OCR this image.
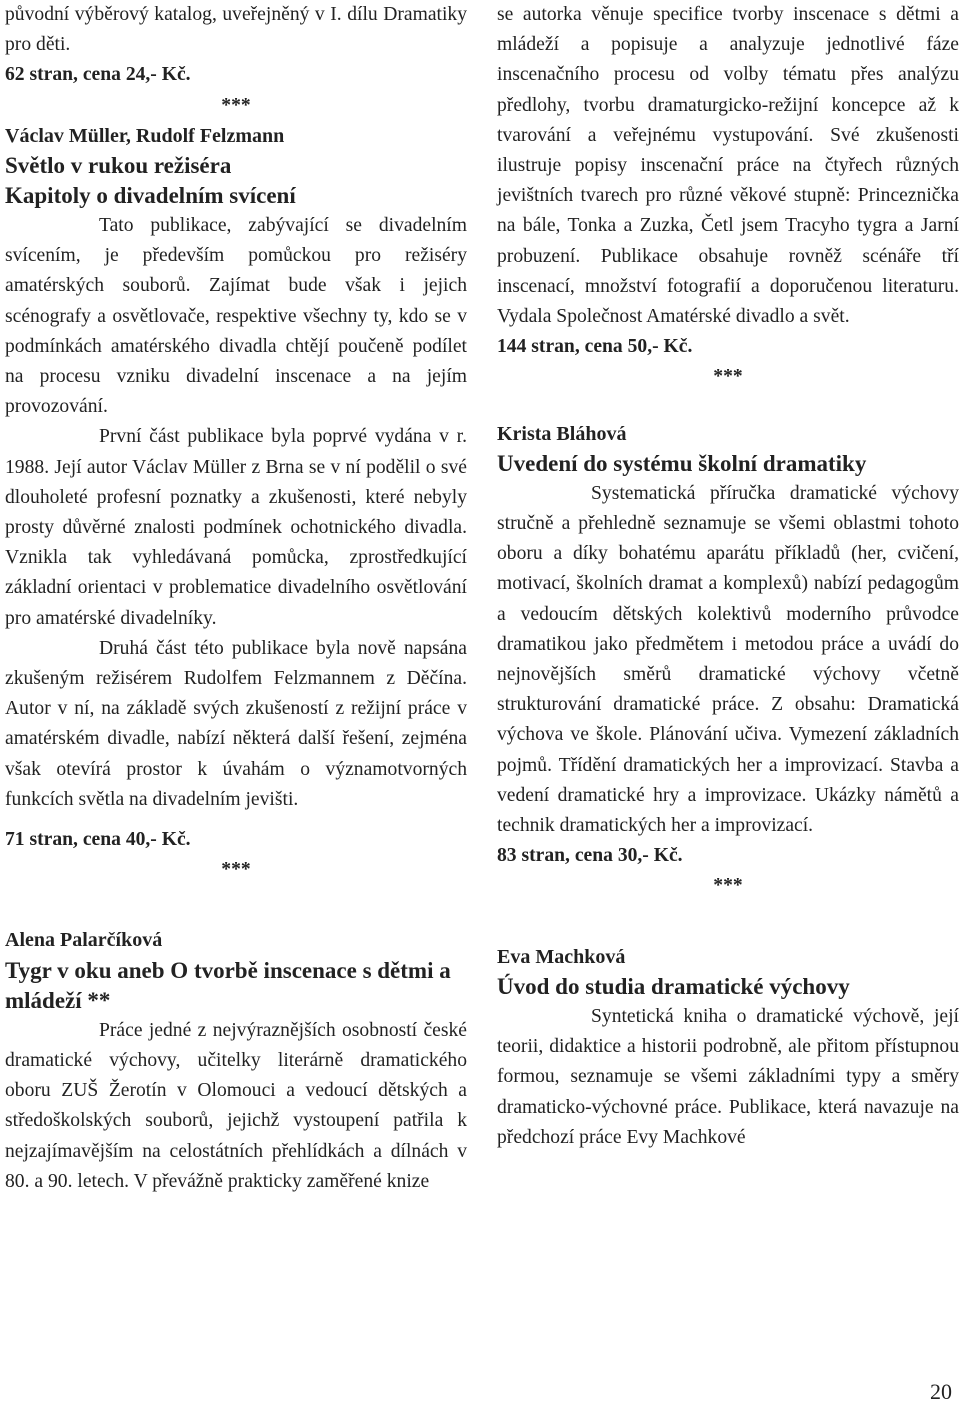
původní výběrový katalog, uveřejněný v I. dílu Dramatiky pro děti.
62 stran, cena 24,- Kč.
***
Václav Müller, Rudolf Felzmann
Světlo v rukou režiséra
Kapitoly o divadelním svícení
Tato publikace, zabývající se divadelním svícením, je především pomůckou pro režiséry amatérských souborů. Zajímat bude však i jejich scénografy a osvětlovače, respektive všechny ty, kdo se v podmínkách amatérského divadla chtějí poučeně podílet na procesu vzniku divadelní inscenace a na jejím provozování.
První část publikace byla poprvé vydána v r. 1988. Její autor Václav Müller z Brna se v ní podělil o své dlouholeté profesní poznatky a zkušenosti, které nebyly prosty důvěrné znalosti podmínek ochotnického divadla. Vznikla tak vyhledávaná pomůcka, zprostředkující základní orientaci v problematice divadelního osvětlování pro amatérské divadelníky.
Druhá část této publikace byla nově napsána zkušeným režisérem Rudolfem Felzmannem z Děčína. Autor v ní, na základě svých zkušeností z režijní práce v amatérském divadle, nabízí některá další řešení, zejména však otevírá prostor k úvahám o významotvorných funkcích světla na divadelním jevišti.
71 stran, cena 40,- Kč.
***
Alena Palarčíková
Tygr v oku aneb O tvorbě inscenace s dětmi a mládeží **
Práce jedné z nejvýraznějších osobností české dramatické výchovy, učitelky literárně dramatického oboru ZUŠ Žerotín v Olomouci a vedoucí dětských a středoškolských souborů, jejichž vystoupení patřila k nejzajímavějším na celostátních přehlídkách a dílnách v 80. a 90. letech. V převážně prakticky zaměřené knize
se autorka věnuje specifice tvorby inscenace s dětmi a mládeží a popisuje a analyzuje jednotlivé fáze inscenačního procesu od volby tématu přes analýzu předlohy, tvorbu dramaturgicko-režijní koncepce až k tvarování a veřejnému vystupování. Své zkušenosti ilustruje popisy inscenační práce na čtyřech různých jevištních tvarech pro různé věkové stupně: Princeznička na bále, Tonka a Zuzka, Četl jsem Tracyho tygra a Jarní probuzení. Publikace obsahuje rovněž scénáře tří inscenací, množství fotografií a doporučenou literaturu. Vydala Společnost Amatérské divadlo a svět.
144 stran, cena 50,- Kč.
***
Krista Bláhová
Uvedení do systému školní dramatiky
Systematická příručka dramatické výchovy stručně a přehledně seznamuje se všemi oblastmi tohoto oboru a díky bohatému aparátu příkladů (her, cvičení, motivací, školních dramat a komplexů) nabízí pedagogům a vedoucím dětských kolektivů moderního průvodce dramatikou jako předmětem i metodou práce a uvádí do nejnovějších směrů dramatické výchovy včetně strukturování dramatické práce. Z obsahu: Dramatická výchova ve škole. Plánování učiva. Vymezení základních pojmů. Třídění dramatických her a improvizací. Stavba a vedení dramatické hry a improvizace. Ukázky námětů a technik dramatických her a improvizací.
83 stran, cena 30,- Kč.
***
Eva Machková
Úvod do studia dramatické výchovy
Syntetická kniha o dramatické výchově, její teorii, didaktice a historii podrobně, ale přitom přístupnou formou, seznamuje se všemi základními typy a směry dramaticko-výchovné práce. Publikace, která navazuje na předchozí práce Evy Machkové
20
